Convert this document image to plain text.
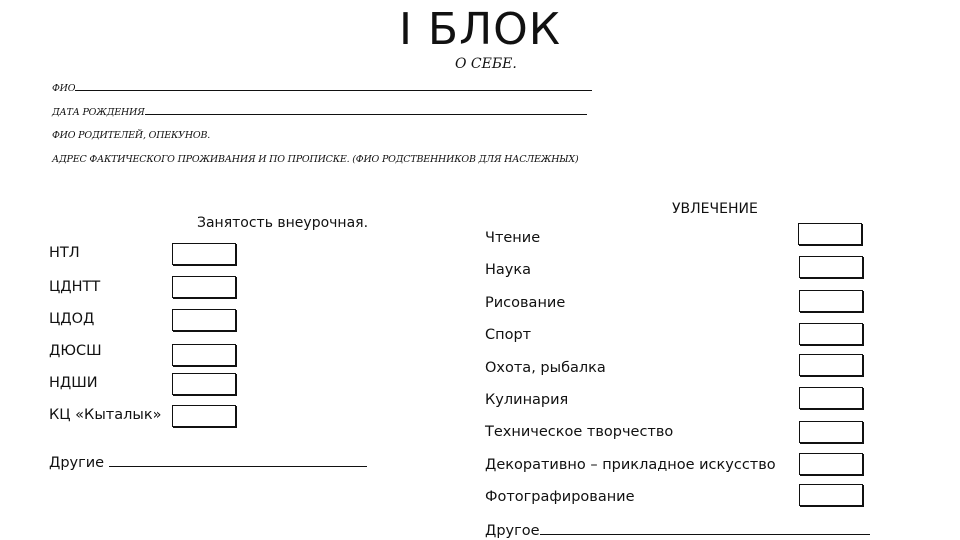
I БЛОК
О СЕБЕ.
ФИО
ДАТА РОЖДЕНИЯ
ФИО РОДИТЕЛЕЙ, ОПЕКУНОВ.
АДРЕС ФАКТИЧЕСКОГО ПРОЖИВАНИЯ И ПО ПРОПИСКЕ. (ФИО РОДСТВЕННИКОВ ДЛЯ НАСЛЕЖНЫХ)
Занятость внеурочная.
НТЛ
ЦДНТТ
ЦДОД
ДЮСШ
НДШИ
КЦ «Кыталык»
Другие
УВЛЕЧЕНИЕ
Чтение
Наука
Рисование
Спорт
Охота, рыбалка
Кулинария
Техническое творчество
Декоративно – прикладное искусство
Фотографирование
Другое
